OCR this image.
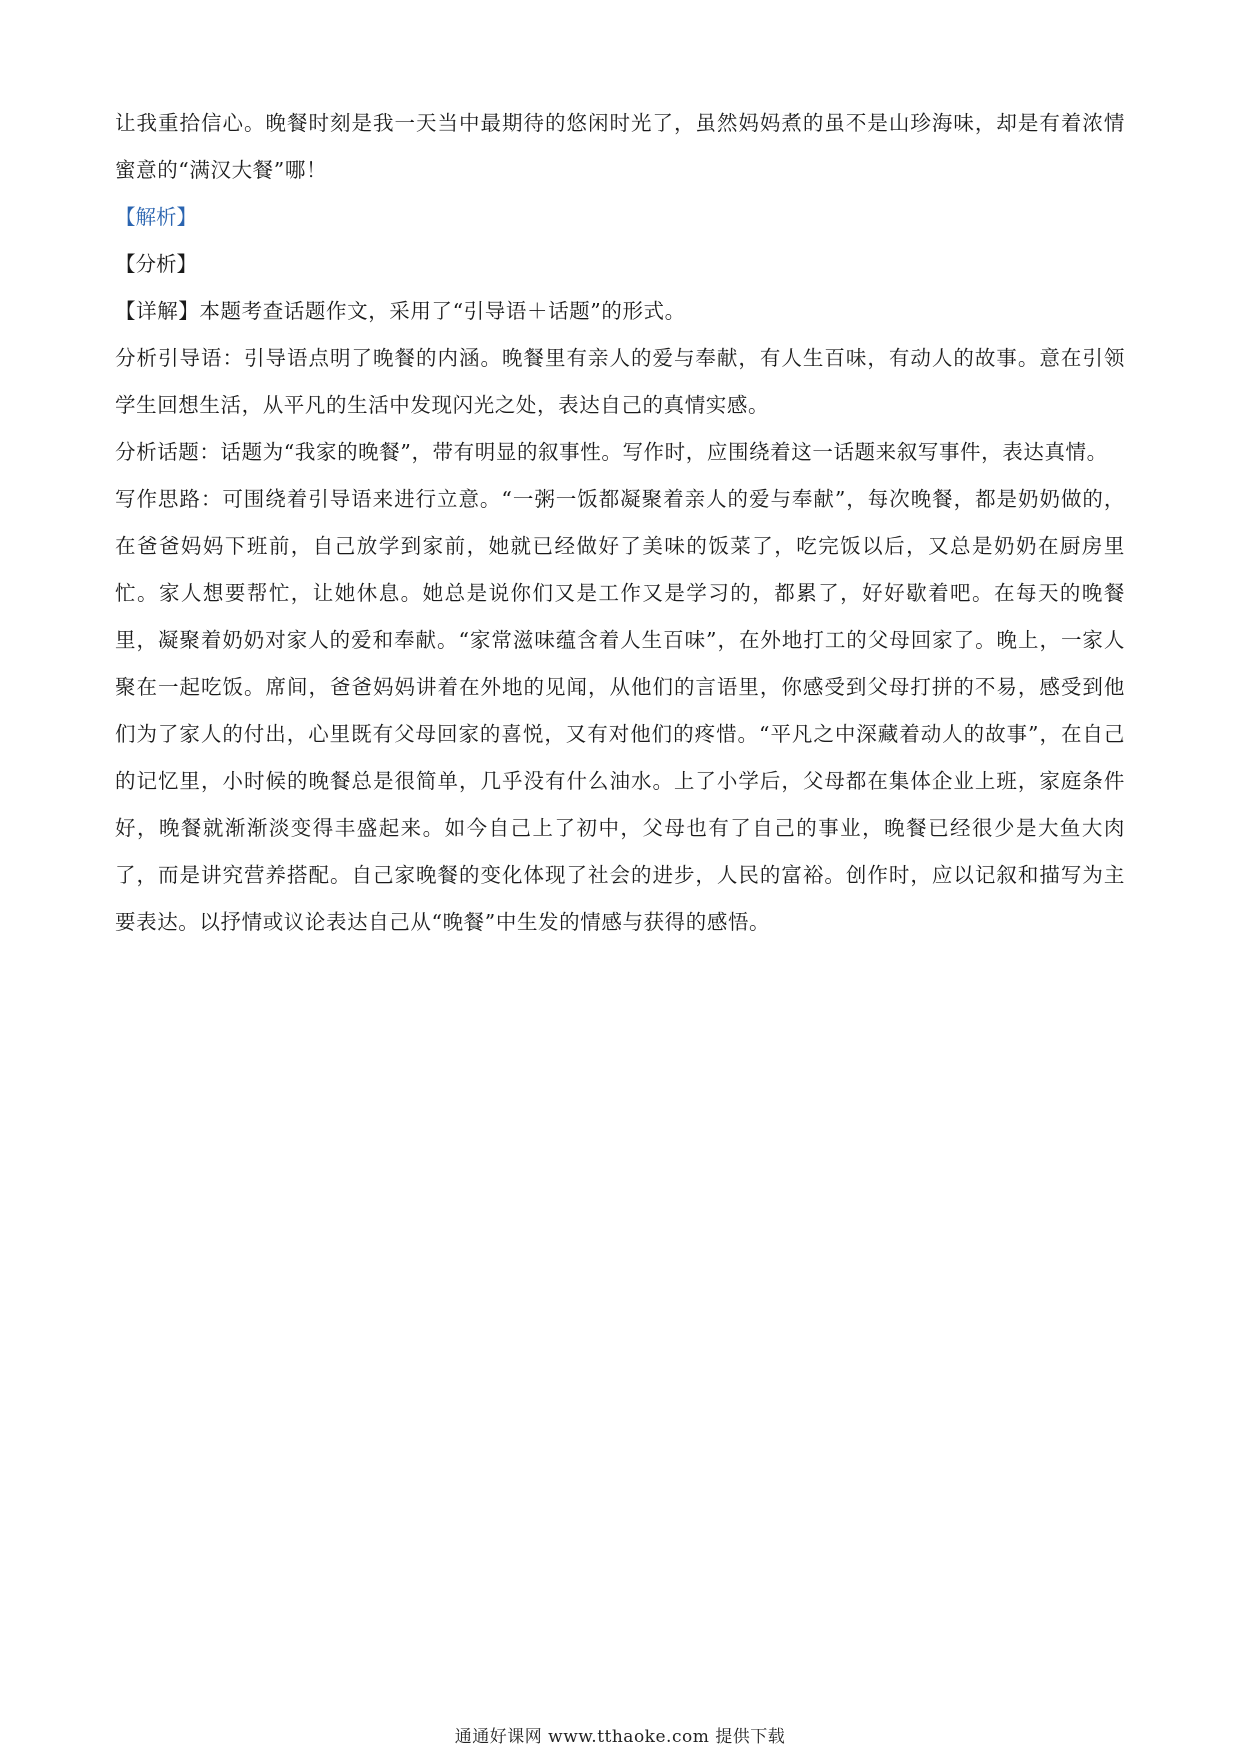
让我重拾信心。晚餐时刻是我一天当中最期待的悠闲时光了，虽然妈妈煮的虽不是山珍海味，却是有着浓情蜜意的“满汉大餐”哪！

【解析】

【分析】

【详解】本题考查话题作文，采用了“引导语＋话题”的形式。

分析引导语：引导语点明了晚餐的内涵。晚餐里有亲人的爱与奉献，有人生百味，有动人的故事。意在引领学生回想生活，从平凡的生活中发现闪光之处，表达自己的真情实感。

分析话题：话题为“我家的晚餐”，带有明显的叙事性。写作时，应围绕着这一话题来叙写事件，表达真情。

写作思路：可围绕着引导语来进行立意。“一粥一饭都凝聚着亲人的爱与奉献”，每次晚餐，都是奶奶做的，在爸爸妈妈下班前，自己放学到家前，她就已经做好了美味的饭菜了，吃完饭以后，又总是奶奶在厨房里忙。家人想要帮忙，让她休息。她总是说你们又是工作又是学习的，都累了，好好歇着吧。在每天的晚餐里，凝聚着奶奶对家人的爱和奉献。“家常滋味蕴含着人生百味”，在外地打工的父母回家了。晚上，一家人聚在一起吃饭。席间，爸爸妈妈讲着在外地的见闻，从他们的言语里，你感受到父母打拼的不易，感受到他们为了家人的付出，心里既有父母回家的喜悦，又有对他们的疼惜。“平凡之中深藏着动人的故事”，在自己的记忆里，小时候的晚餐总是很简单，几乎没有什么油水。上了小学后，父母都在集体企业上班，家庭条件好，晚餐就渐渐淡变得丰盛起来。如今自己上了初中，父母也有了自己的事业，晚餐已经很少是大鱼大肉了，而是讲究营养搭配。自己家晚餐的变化体现了社会的进步，人民的富裕。创作时，应以记叙和描写为主要表达。以抒情或议论表达自己从“晚餐”中生发的情感与获得的感悟。

通通好课网 www.tthaoke.com 提供下载
